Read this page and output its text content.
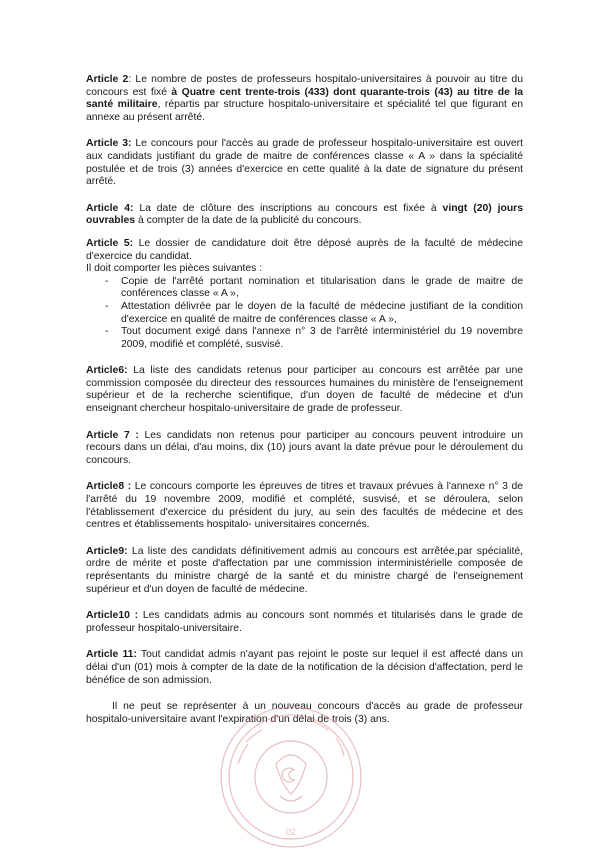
Article 2: Le nombre de postes de professeurs hospitalo-universitaires à pouvoir au titre du concours est fixé à Quatre cent trente-trois (433) dont quarante-trois (43) au titre de la santé militaire, répartis par structure hospitalo-universitaire et spécialité tel que figurant en annexe au présent arrêté.

Article 3: Le concours pour l'accès au grade de professeur hospitalo-universitaire est ouvert aux candidats justifiant du grade de maitre de conférences classe « A » dans la spécialité postulée et de trois (3) années d'exercice en cette qualité à la date de signature du présent arrêté.

Article 4: La date de clôture des inscriptions au concours est fixée à vingt (20) jours ouvrables à compter de la date de la publicité du concours.

Article 5: Le dossier de candidature doit être déposé auprès de la faculté de médecine d'exercice du candidat.
Il doit comporter les pièces suivantes :
- Copie de l'arrêté portant nomination et titularisation dans le grade de maitre de conférences classe « A »,
- Attestation délivrée par le doyen de la faculté de médecine justifiant de la condition d'exercice en qualité de maitre de conférences classe « A »,
- Tout document exigé dans l'annexe n° 3 de l'arrêté interministériel du 19 novembre 2009, modifié et complété, susvisé.

Article6: La liste des candidats retenus pour participer au concours est arrêtée par une commission composée du directeur des ressources humaines du ministère de l'enseignement supérieur et de la recherche scientifique, d'un doyen de faculté de médecine et d'un enseignant chercheur hospitalo-universitaire de grade de professeur.

Article 7 : Les candidats non retenus pour participer au concours peuvent introduire un recours dans un délai, d'au moins, dix (10) jours avant la date prévue pour le déroulement du concours.

Article8 : Le concours comporte les épreuves de titres et travaux prévues à l'annexe n° 3 de l'arrêté du 19 novembre 2009, modifié et complété, susvisé, et se déroulera, selon l'établissement d'exercice du président du jury, au sein des facultés de médecine et des centres et établissements hospitalo- universitaires concernés.

Article9: La liste des candidats définitivement admis au concours est arrêtée,par spécialité, ordre de mérite et poste d'affectation par une commission interministérielle composée de représentants du ministre chargé de la santé et du ministre chargé de l'enseignement supérieur et d'un doyen de faculté de médecine.

Article10 : Les candidats admis au concours sont nommés et titularisés dans le grade de professeur hospitalo-universitaire.

Article 11: Tout candidat admis n'ayant pas rejoint le poste sur lequel il est affecté dans un délai d'un (01) mois à compter de la date de la notification de la décision d'affectation, perd le bénéfice de son admission.

Il ne peut se représenter à un nouveau concours d'accès au grade de professeur hospitalo-universitaire avant l'expiration d'un délai de trois (3) ans.

02
